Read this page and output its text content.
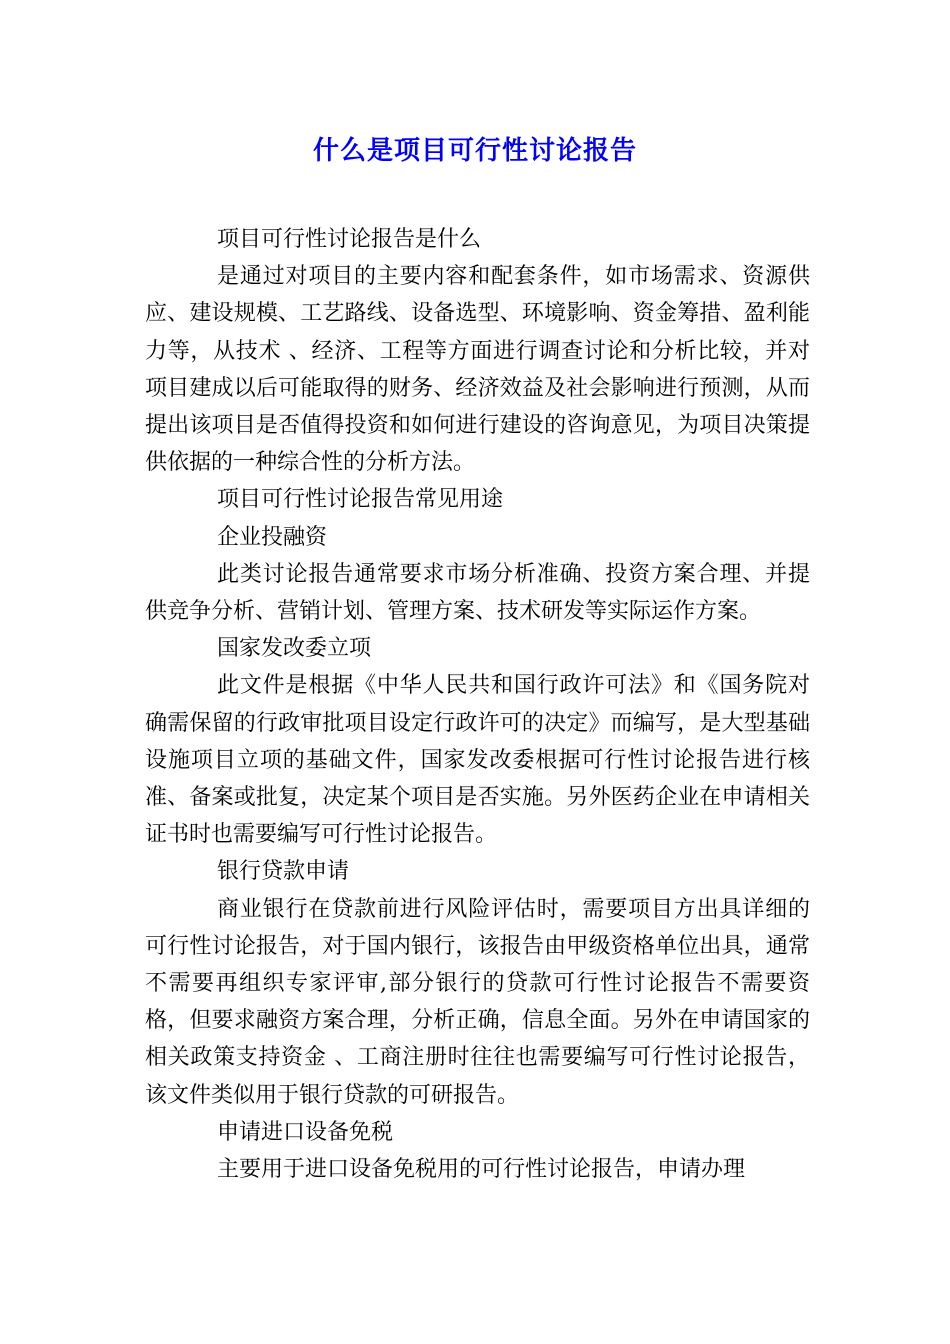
什么是项目可行性讨论报告

项目可行性讨论报告是什么

是通过对项目的主要内容和配套条件，如市场需求、资源供应、建设规模、工艺路线、设备选型、环境影响、资金筹措、盈利能力等，从技术 、经济、工程等方面进行调查讨论和分析比较，并对项目建成以后可能取得的财务、经济效益及社会影响进行预测，从而提出该项目是否值得投资和如何进行建设的咨询意见，为项目决策提供依据的一种综合性的分析方法。

项目可行性讨论报告常见用途

企业投融资

此类讨论报告通常要求市场分析准确、投资方案合理、并提供竞争分析、营销计划、管理方案、技术研发等实际运作方案。

国家发改委立项

此文件是根据《中华人民共和国行政许可法》和《国务院对确需保留的行政审批项目设定行政许可的决定》而编写，是大型基础设施项目立项的基础文件，国家发改委根据可行性讨论报告进行核准、备案或批复，决定某个项目是否实施。另外医药企业在申请相关证书时也需要编写可行性讨论报告。

银行贷款申请

商业银行在贷款前进行风险评估时，需要项目方出具详细的可行性讨论报告，对于国内银行，该报告由甲级资格单位出具，通常不需要再组织专家评审,部分银行的贷款可行性讨论报告不需要资格，但要求融资方案合理，分析正确，信息全面。另外在申请国家的相关政策支持资金 、工商注册时往往也需要编写可行性讨论报告，该文件类似用于银行贷款的可研报告。

申请进口设备免税

主要用于进口设备免税用的可行性讨论报告，申请办理
